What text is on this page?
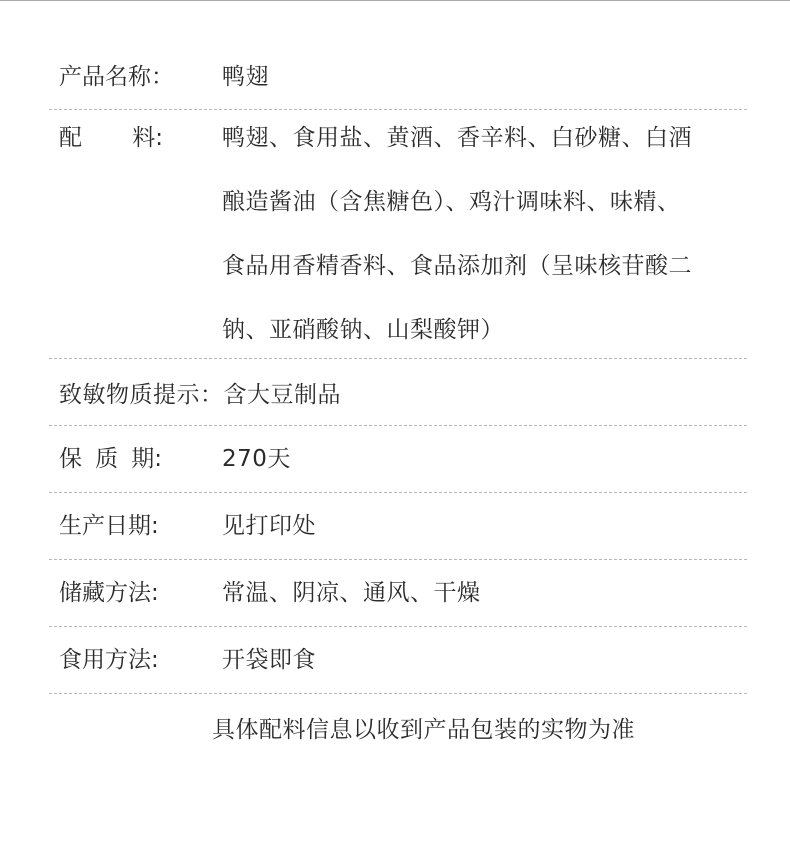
产品名称：	鸭翅
配 料:	鸭翅、食用盐、黄酒、香辛料、白砂糖、白酒
酿造酱油（含焦糖色）、鸡汁调味料、味精、
食品用香精香料、食品添加剂（呈味核苷酸二
钠、亚硝酸钠、山梨酸钾）
致敏物质提示：含大豆制品
保 质 期:	270天
生产日期:	见打印处
储藏方法:	常温、阴凉、通风、干燥
食用方法:	开袋即食
具体配料信息以收到产品包装的实物为准
